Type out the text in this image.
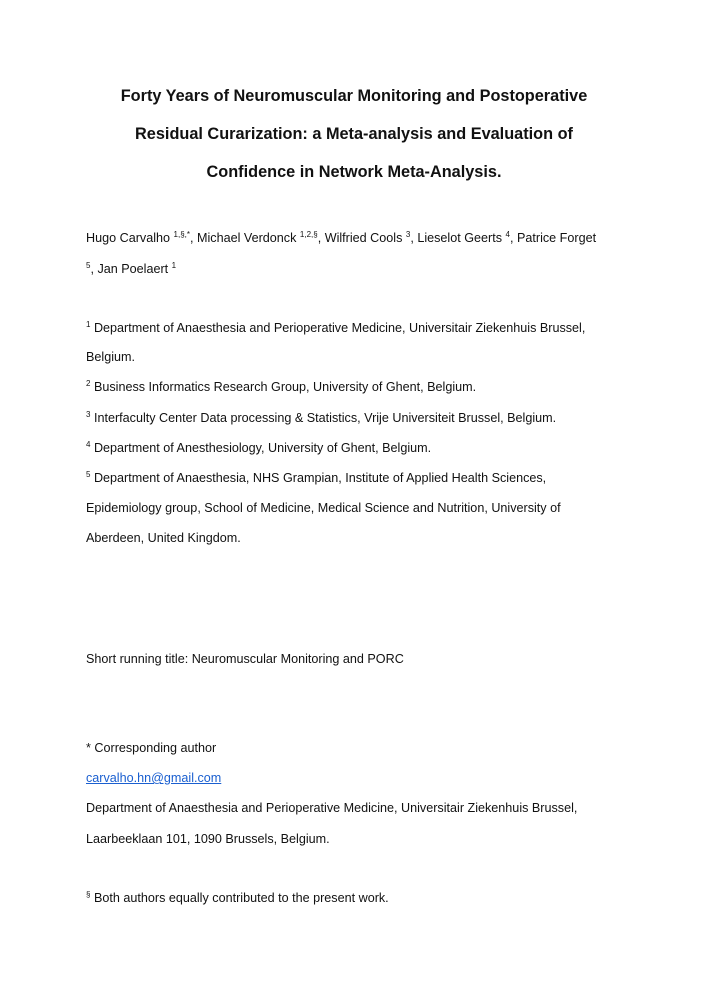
Forty Years of Neuromuscular Monitoring and Postoperative
Residual Curarization: a Meta-analysis and Evaluation of
Confidence in Network Meta-Analysis.
Hugo Carvalho $^{1,\S,*}$, Michael Verdonck $^{1,2,\S}$, Wilfried Cools $^3$, Lieselot Geerts $^4$, Patrice Forget
$^5$, Jan Poelaert $^1$
$^1$ Department of Anaesthesia and Perioperative Medicine, Universitair Ziekenhuis Brussel,
Belgium.
$^2$ Business Informatics Research Group, University of Ghent, Belgium.
$^3$ Interfaculty Center Data processing & Statistics, Vrije Universiteit Brussel, Belgium.
$^4$ Department of Anesthesiology, University of Ghent, Belgium.
$^5$ Department of Anaesthesia, NHS Grampian, Institute of Applied Health Sciences,
Epidemiology group, School of Medicine, Medical Science and Nutrition, University of
Aberdeen, United Kingdom.
Short running title: Neuromuscular Monitoring and PORC
* Corresponding author
carvalho.hn@gmail.com
Department of Anaesthesia and Perioperative Medicine, Universitair Ziekenhuis Brussel,
Laarbeeklaan 101, 1090 Brussels, Belgium.
§ Both authors equally contributed to the present work.
